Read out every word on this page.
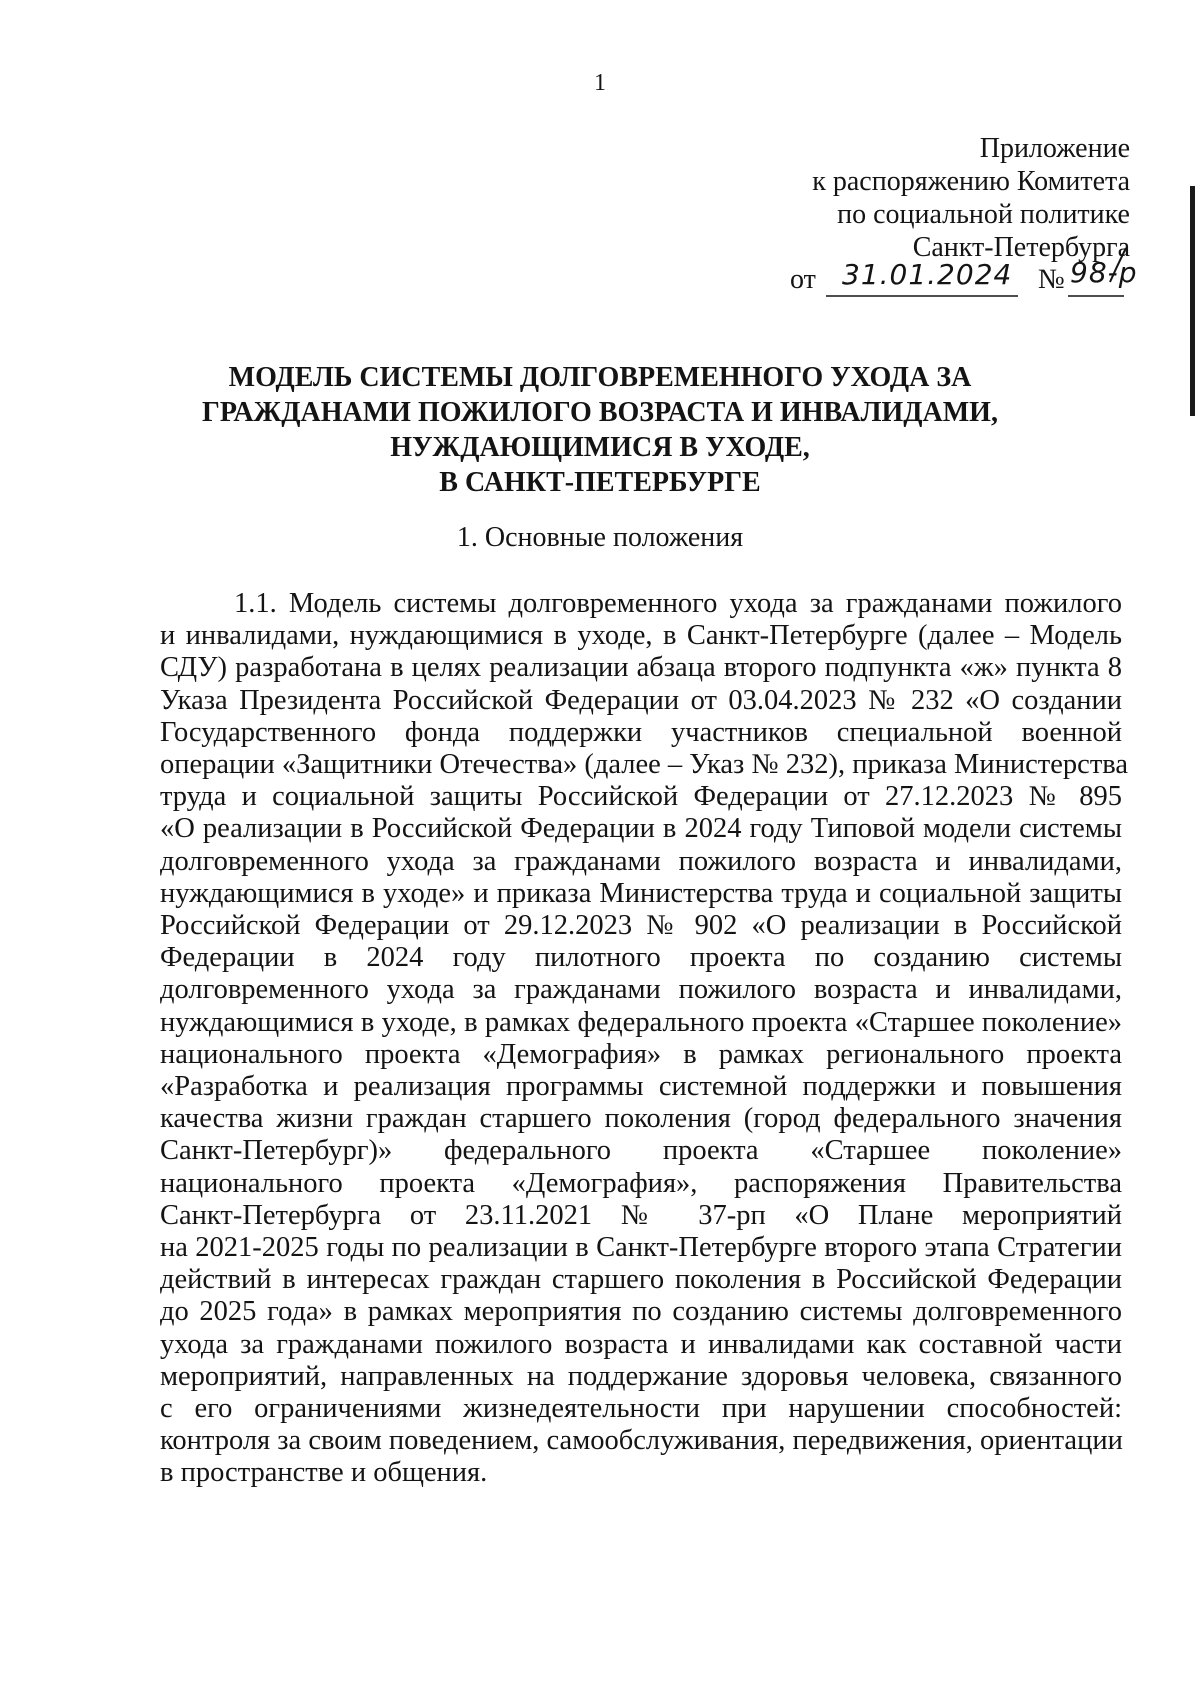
1
Приложение
к распоряжению Комитета
по социальной политике
Санкт-Петербурга
от 31.01.2024 № 98-р
МОДЕЛЬ СИСТЕМЫ ДОЛГОВРЕМЕННОГО УХОДА ЗА
ГРАЖДАНАМИ ПОЖИЛОГО ВОЗРАСТА И ИНВАЛИДАМИ,
НУЖДАЮЩИМИСЯ В УХОДЕ,
В САНКТ-ПЕТЕРБУРГЕ
1. Основные положения
1.1. Модель системы долговременного ухода за гражданами пожилого
и инвалидами, нуждающимися в уходе, в Санкт-Петербурге (далее – Модель
СДУ) разработана в целях реализации абзаца второго подпункта «ж» пункта 8
Указа Президента Российской Федерации от 03.04.2023 № 232 «О создании
Государственного фонда поддержки участников специальной военной
операции «Защитники Отечества» (далее – Указ № 232), приказа Министерства
труда и социальной защиты Российской Федерации от 27.12.2023 № 895
«О реализации в Российской Федерации в 2024 году Типовой модели системы
долговременного ухода за гражданами пожилого возраста и инвалидами,
нуждающимися в уходе» и приказа Министерства труда и социальной защиты
Российской Федерации от 29.12.2023 № 902 «О реализации в Российской
Федерации в 2024 году пилотного проекта по созданию системы
долговременного ухода за гражданами пожилого возраста и инвалидами,
нуждающимися в уходе, в рамках федерального проекта «Старшее поколение»
национального проекта «Демография» в рамках регионального проекта
«Разработка и реализация программы системной поддержки и повышения
качества жизни граждан старшего поколения (город федерального значения
Санкт-Петербург)» федерального проекта «Старшее поколение»
национального проекта «Демография», распоряжения Правительства
Санкт-Петербурга от 23.11.2021 № 37-рп «О Плане мероприятий
на 2021-2025 годы по реализации в Санкт-Петербурге второго этапа Стратегии
действий в интересах граждан старшего поколения в Российской Федерации
до 2025 года» в рамках мероприятия по созданию системы долговременного
ухода за гражданами пожилого возраста и инвалидами как составной части
мероприятий, направленных на поддержание здоровья человека, связанного
с его ограничениями жизнедеятельности при нарушении способностей:
контроля за своим поведением, самообслуживания, передвижения, ориентации
в пространстве и общения.
